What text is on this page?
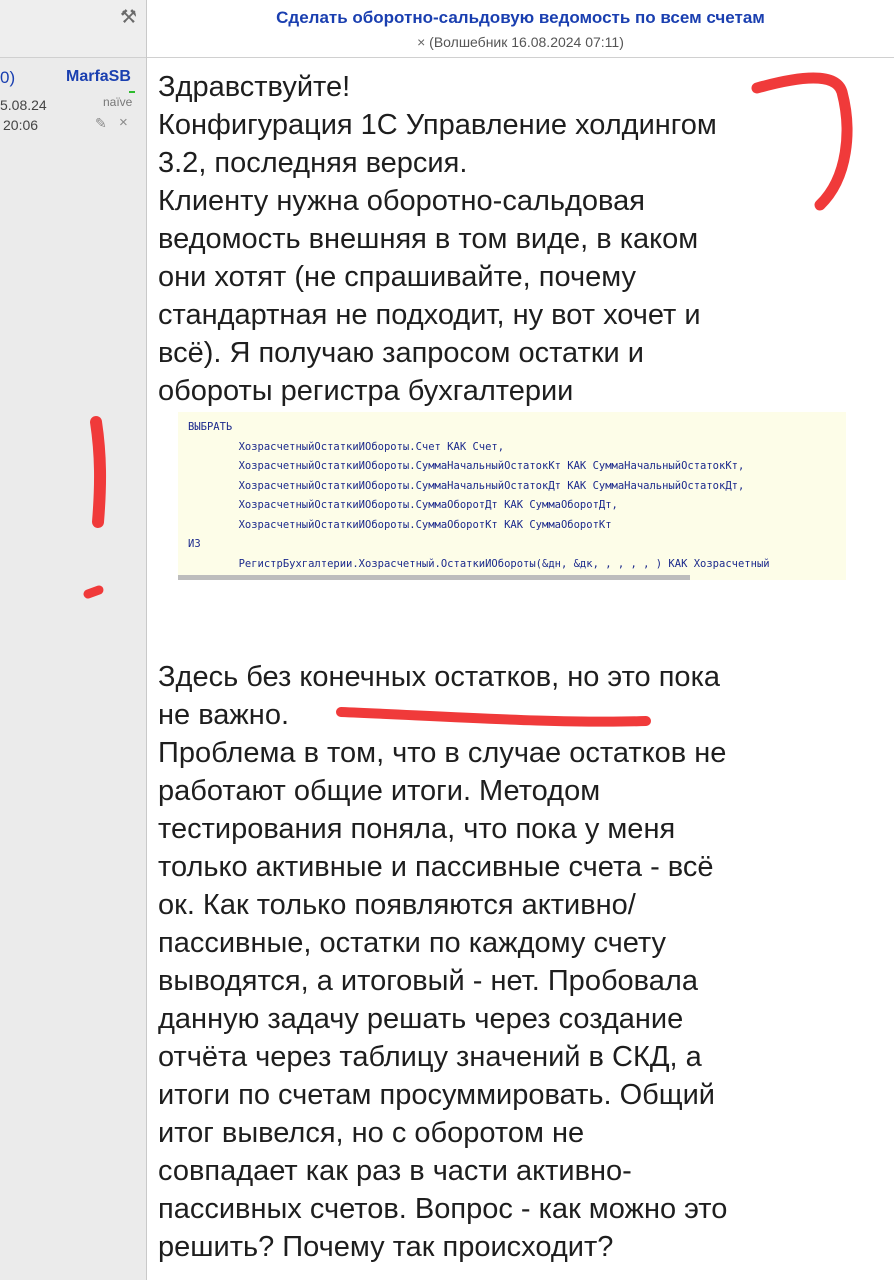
⚒	Сделать оборотно-сальдовую ведомость по всем счетам
× (Волшебник 16.08.2024 07:11)
0)	MarfaSB
5.08.24
20:06
naïve
✎ ×
Здравствуйте!
Конфигурация 1С Управление холдингом
3.2, последняя версия.
Клиенту нужна оборотно-сальдовая
ведомость внешняя в том виде, в каком
они хотят (не спрашивайте, почему
стандартная не подходит, ну вот хочет и
всё). Я получаю запросом остатки и
обороты регистра бухгалтерии
ВЫБРАТЬ
ХозрасчетныйОстаткиИОбороты.Счет КАК Счет,
ХозрасчетныйОстаткиИОбороты.СуммаНачальныйОстатокКт КАК СуммаНачальныйОстатокКт,
ХозрасчетныйОстаткиИОбороты.СуммаНачальныйОстатокДт КАК СуммаНачальныйОстатокДт,
ХозрасчетныйОстаткиИОбороты.СуммаОборотДт КАК СуммаОборотДт,
ХозрасчетныйОстаткиИОбороты.СуммаОборотКт КАК СуммаОборотКт
ИЗ
РегистрБухгалтерии.Хозрасчетный.ОстаткиИОбороты(&дн, &дк, , , , , ) КАК Хозрасчетный

Здесь без конечных остатков, но это пока
не важно.
Проблема в том, что в случае остатков не
работают общие итоги. Методом
тестирования поняла, что пока у меня
только активные и пассивные счета - всё
ок. Как только появляются активно/
пассивные, остатки по каждому счету
выводятся, а итоговый - нет. Пробовала
данную задачу решать через создание
отчёта через таблицу значений в СКД, а
итоги по счетам просуммировать. Общий
итог вывелся, но с оборотом не
совпадает как раз в части активно-
пассивных счетов. Вопрос - как можно это
решить? Почему так происходит?
